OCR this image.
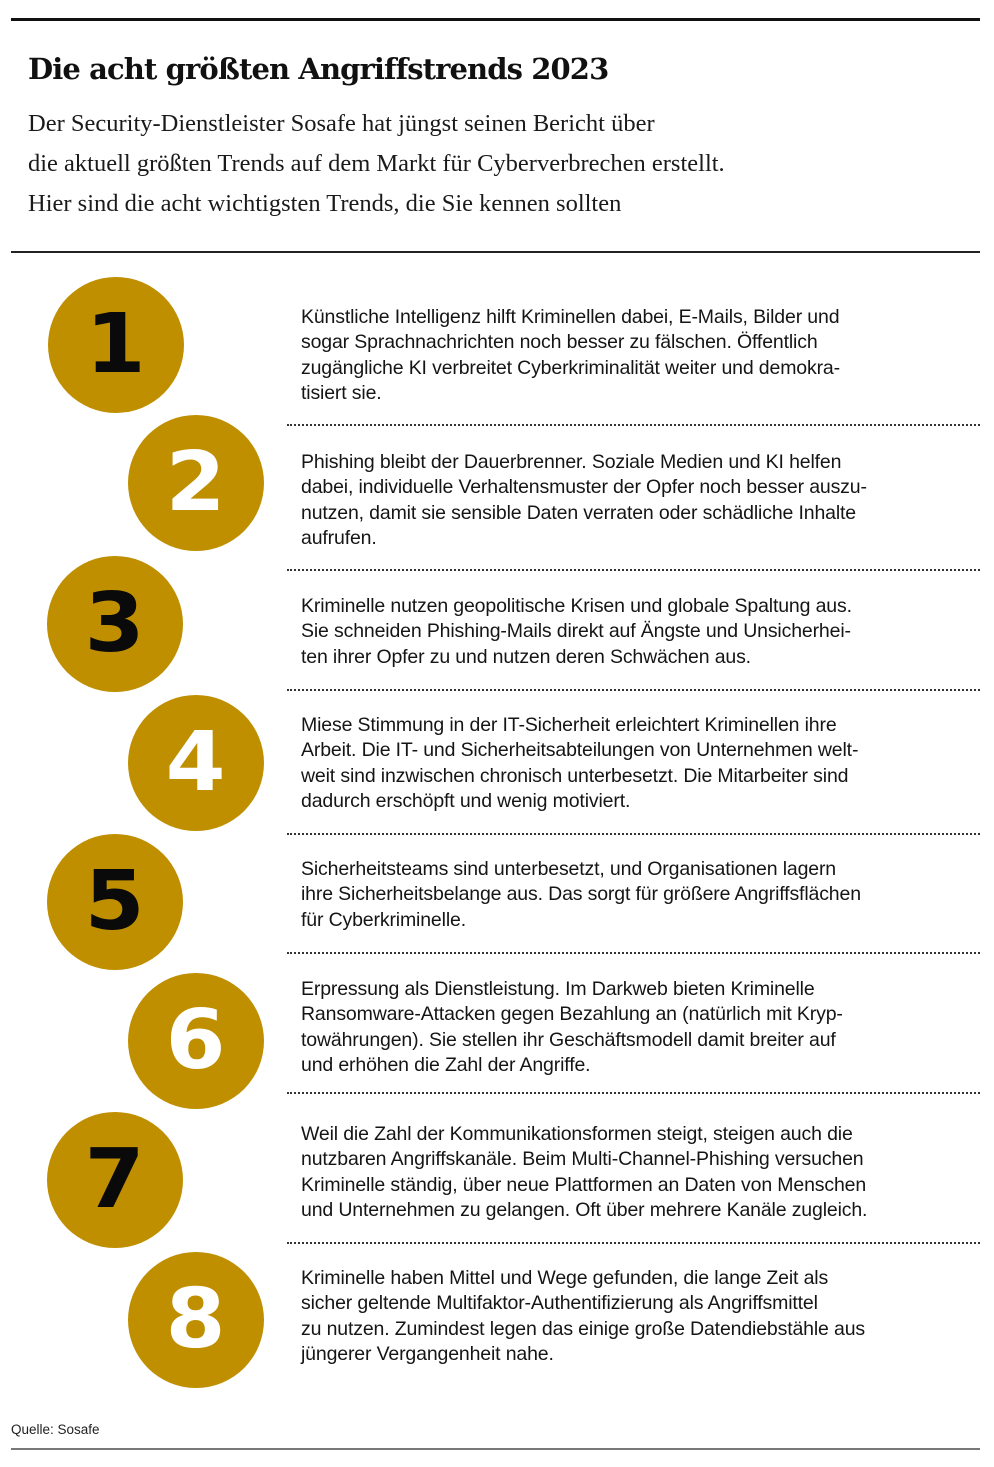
Die acht größten Angriffstrends 2023
Der Security-Dienstleister Sosafe hat jüngst seinen Bericht über
die aktuell größten Trends auf dem Markt für Cyberverbrechen erstellt.
Hier sind die acht wichtigsten Trends, die Sie kennen sollten
1	Künstliche Intelligenz hilft Kriminellen dabei, E-Mails, Bilder und
sogar Sprachnachrichten noch besser zu fälschen. Öffentlich
zugängliche KI verbreitet Cyberkriminalität weiter und demokra-
tisiert sie.
2	Phishing bleibt der Dauerbrenner. Soziale Medien und KI helfen
dabei, individuelle Verhaltensmuster der Opfer noch besser auszu-
nutzen, damit sie sensible Daten verraten oder schädliche Inhalte
aufrufen.
3	Kriminelle nutzen geopolitische Krisen und globale Spaltung aus.
Sie schneiden Phishing-Mails direkt auf Ängste und Unsicherhei-
ten ihrer Opfer zu und nutzen deren Schwächen aus.
4	Miese Stimmung in der IT-Sicherheit erleichtert Kriminellen ihre
Arbeit. Die IT- und Sicherheitsabteilungen von Unternehmen welt-
weit sind inzwischen chronisch unterbesetzt. Die Mitarbeiter sind
dadurch erschöpft und wenig motiviert.
5	Sicherheitsteams sind unterbesetzt, und Organisationen lagern
ihre Sicherheitsbelange aus. Das sorgt für größere Angriffsflächen
für Cyberkriminelle.
6
Erpressung als Dienstleistung. Im Darkweb bieten Kriminelle
Ransomware-Attacken gegen Bezahlung an (natürlich mit Kryp-
towährungen). Sie stellen ihr Geschäftsmodell damit breiter auf
und erhöhen die Zahl der Angriffe.
7	Weil die Zahl der Kommunikationsformen steigt, steigen auch die
nutzbaren Angriffskanäle. Beim Multi-Channel-Phishing versuchen
Kriminelle ständig, über neue Plattformen an Daten von Menschen
und Unternehmen zu gelangen. Oft über mehrere Kanäle zugleich.
8	Kriminelle haben Mittel und Wege gefunden, die lange Zeit als
sicher geltende Multifaktor-Authentifizierung als Angriffsmittel
zu nutzen. Zumindest legen das einige große Datendiebstähle aus
jüngerer Vergangenheit nahe.
Quelle: Sosafe
